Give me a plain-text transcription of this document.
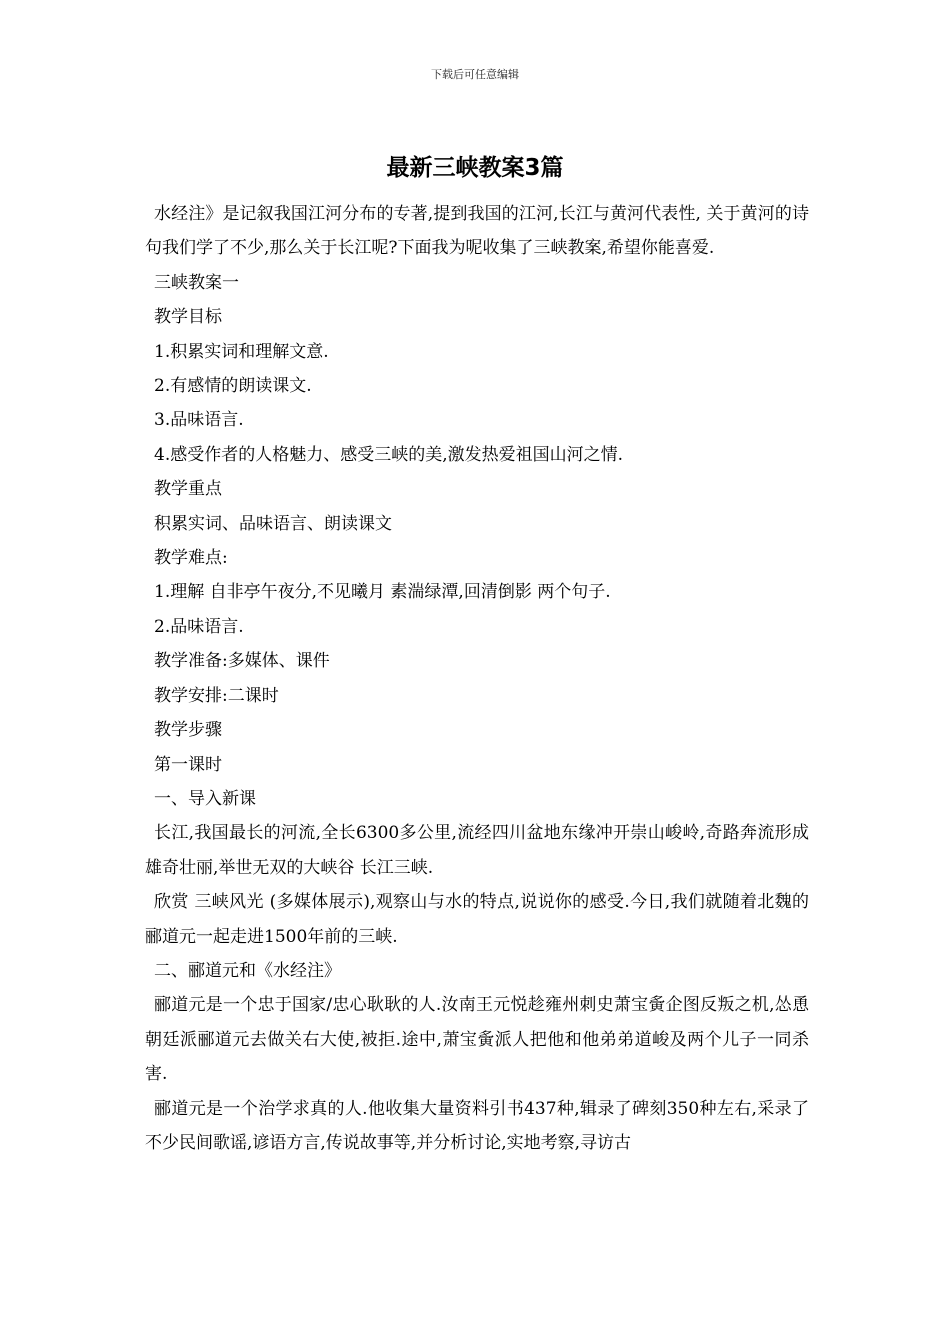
下载后可任意编辑
最新三峡教案3篇

水经注》是记叙我国江河分布的专著,提到我国的江河,长江与黄河代表性, 关于黄河的诗句我们学了不少,那么关于长江呢?下面我为呢收集了三峡教案,希望你能喜爱.

三峡教案一

教学目标

1.积累实词和理解文意.

2.有感情的朗读课文.

3.品味语言.

4.感受作者的人格魅力、感受三峡的美,激发热爱祖国山河之情.

教学重点

积累实词、品味语言、朗读课文

教学难点:

1.理解 自非亭午夜分,不见曦月 素湍绿潭,回清倒影 两个句子.

2.品味语言.

教学准备:多媒体、课件

教学安排:二课时

教学步骤

第一课时

一、导入新课

长江,我国最长的河流,全长6300多公里,流经四川盆地东缘冲开崇山峻岭,奇路奔流形成雄奇壮丽,举世无双的大峡谷 长江三峡.

欣赏 三峡风光 (多媒体展示),观察山与水的特点,说说你的感受.今日,我们就随着北魏的郦道元一起走进1500年前的三峡.

二、郦道元和《水经注》

郦道元是一个忠于国家/忠心耿耿的人.汝南王元悦趁雍州刺史萧宝夤企图反叛之机,怂恿朝廷派郦道元去做关右大使,被拒.途中,萧宝夤派人把他和他弟弟道峻及两个儿子一同杀害.

郦道元是一个治学求真的人.他收集大量资料引书437种,辑录了碑刻350种左右,采录了不少民间歌谣,谚语方言,传说故事等,并分析讨论,实地考察,寻访古
